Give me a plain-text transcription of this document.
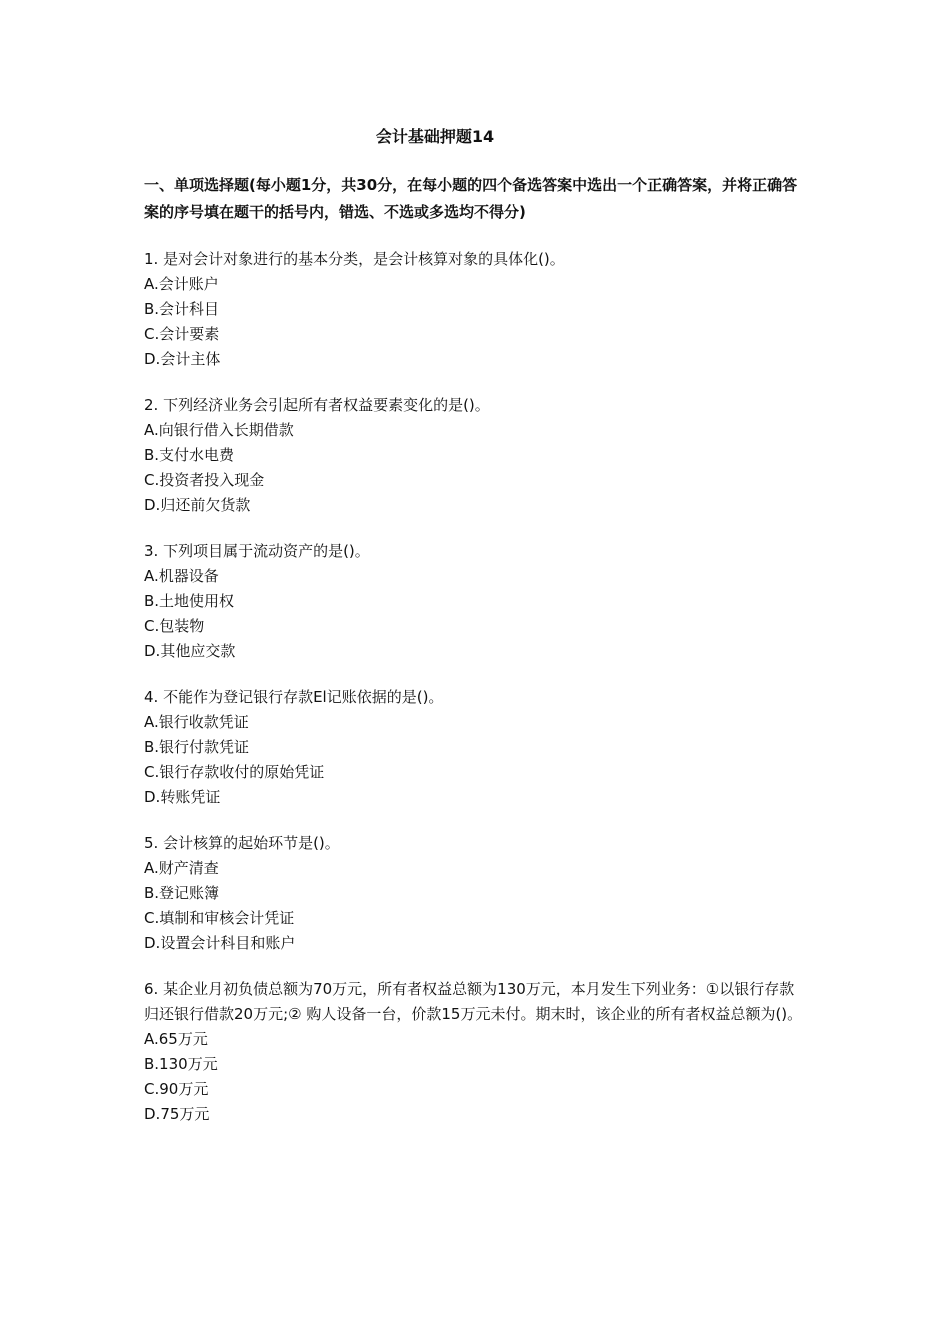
会计基础押题14
一、单项选择题(每小题1分，共30分，在每小题的四个备选答案中选出一个正确答案，并将正确答案的序号填在题干的括号内，错选、不选或多选均不得分)

1. 是对会计对象进行的基本分类，是会计核算对象的具体化()。

A.会计账户

B.会计科目

C.会计要素

D.会计主体

2. 下列经济业务会引起所有者权益要素变化的是()。

A.向银行借入长期借款

B.支付水电费

C.投资者投入现金

D.归还前欠货款

3. 下列项目属于流动资产的是()。

A.机器设备

B.土地使用权

C.包装物

D.其他应交款

4. 不能作为登记银行存款El记账依据的是()。

A.银行收款凭证

B.银行付款凭证

C.银行存款收付的原始凭证

D.转账凭证

5. 会计核算的起始环节是()。

A.财产清查

B.登记账簿

C.填制和审核会计凭证

D.设置会计科目和账户

6. 某企业月初负债总额为70万元，所有者权益总额为130万元，本月发生下列业务：①以银行存款归还银行借款20万元;② 购人设备一台，价款15万元未付。期末时，该企业的所有者权益总额为()。

A.65万元

B.130万元

C.90万元

D.75万元
